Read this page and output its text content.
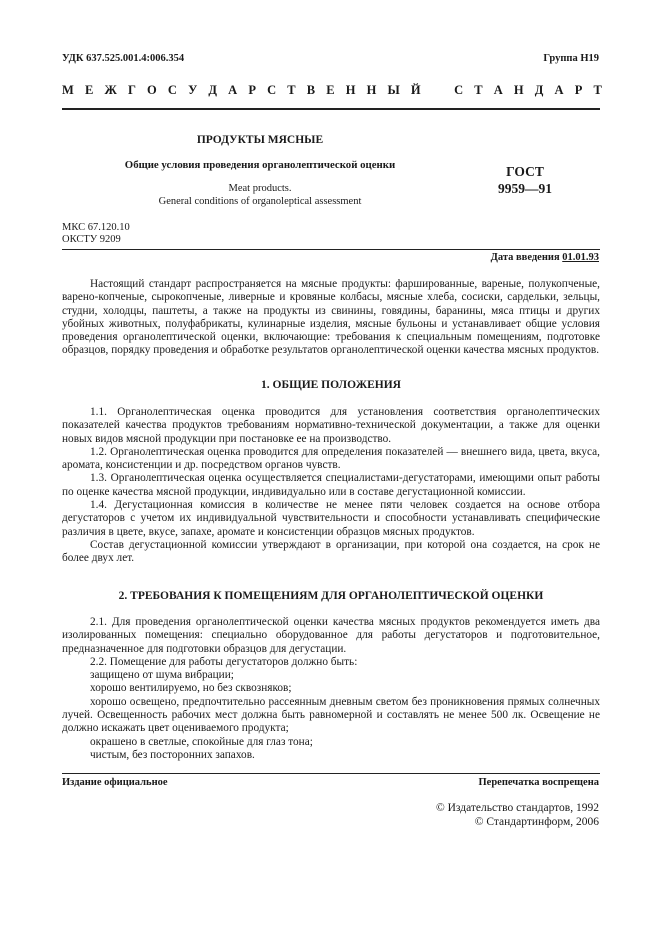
УДК 637.525.001.4:006.354	Группа Н19
М Е Ж Г О С У Д А Р С Т В Е Н Н Ы Й	С Т А Н Д А Р Т
ПРОДУКТЫ МЯСНЫЕ
Общие условия проведения органолептической оценки
Meat products.
General conditions of organoleptical assessment
ГОСТ
9959—91
МКС 67.120.10
ОКСТУ 9209
Дата введения 01.01.93

Настоящий стандарт распространяется на мясные продукты: фаршированные, вареные, полукопченые, варено-копченые, сырокопченые, ливерные и кровяные колбасы, мясные хлеба, сосиски, сардельки, зельцы, студни, холодцы, паштеты, а также на продукты из свинины, говядины, баранины, мяса птицы и других убойных животных, полуфабрикаты, кулинарные изделия, мясные бульоны и устанавливает общие условия проведения органолептической оценки, включающие: требования к специальным помещениям, подготовке образцов, порядку проведения и обработке результатов органолептической оценки качества мясных продуктов.

1. ОБЩИЕ ПОЛОЖЕНИЯ

1.1. Органолептическая оценка проводится для установления соответствия органолептических показателей качества продуктов требованиям нормативно-технической документации, а также для оценки новых видов мясной продукции при постановке ее на производство.

1.2. Органолептическая оценка проводится для определения показателей — внешнего вида, цвета, вкуса, аромата, консистенции и др. посредством органов чувств.

1.3. Органолептическая оценка осуществляется специалистами-дегустаторами, имеющими опыт работы по оценке качества мясной продукции, индивидуально или в составе дегустационной комиссии.

1.4. Дегустационная комиссия в количестве не менее пяти человек создается на основе отбора дегустаторов с учетом их индивидуальной чувствительности и способности устанавливать специфические различия в цвете, вкусе, запахе, аромате и консистенции образцов мясных продуктов.

Состав дегустационной комиссии утверждают в организации, при которой она создается, на срок не более двух лет.

2. ТРЕБОВАНИЯ К ПОМЕЩЕНИЯМ ДЛЯ ОРГАНОЛЕПТИЧЕСКОЙ ОЦЕНКИ

2.1. Для проведения органолептической оценки качества мясных продуктов рекомендуется иметь два изолированных помещения: специально оборудованное для работы дегустаторов и подготовительное, предназначенное для подготовки образцов для дегустации.

2.2. Помещение для работы дегустаторов должно быть:

защищено от шума вибрации;

хорошо вентилируемо, но без сквозняков;

хорошо освещено, предпочтительно рассеянным дневным светом без проникновения прямых солнечных лучей. Освещенность рабочих мест должна быть равномерной и составлять не менее 500 лк. Освещение не должно искажать цвет оцениваемого продукта;

окрашено в светлые, спокойные для глаз тона;

чистым, без посторонних запахов.

Издание официальное	Перепечатка воспрещена
© Издательство стандартов, 1992
© Стандартинформ, 2006
